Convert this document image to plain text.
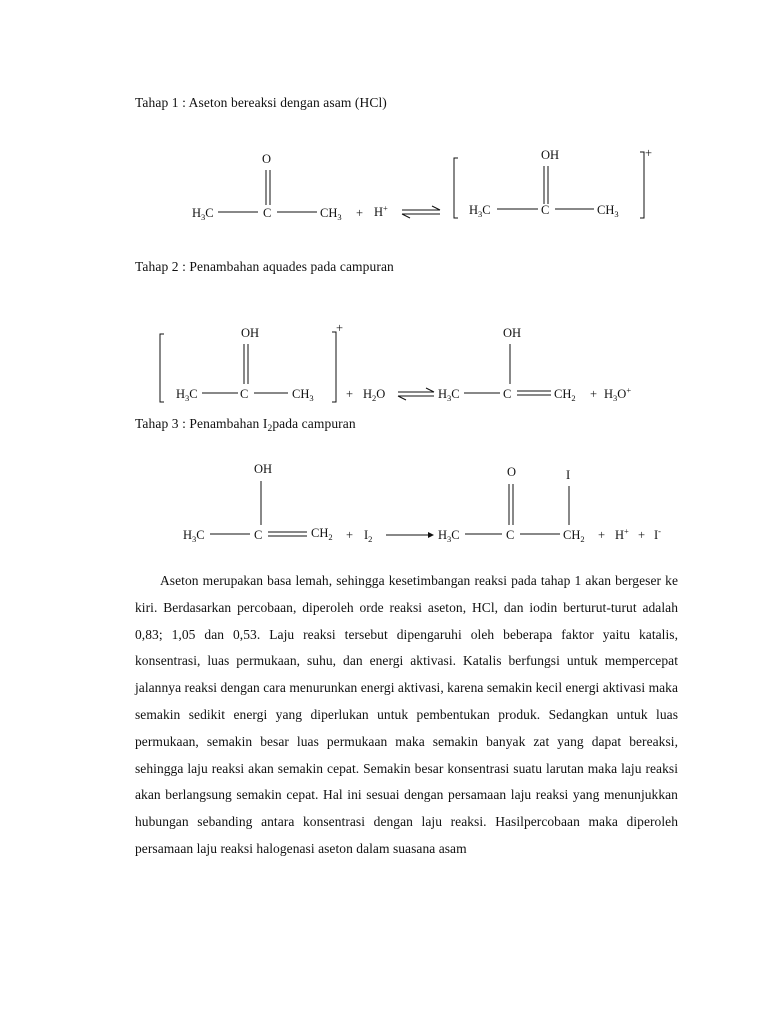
Tahap 1 : Aseton bereaksi dengan asam (HCl)
O
$H_3C$	C	$CH_3 + H^+$
OH
$H_3C$	C	$CH_3$
+
Tahap 2 : Penambahan aquades pada campuran
OH
$H_3C$	C	$CH_3$
+
+ $H_2O$
OH
$H_3C$	C	$CH_2 + H_3O^+$
Tahap 3 : Penambahan $I_2pada$ campuran
OH
$H_3C$	C	$CH_2 + I_2$
O	I
$H_3C$	C	$CH_2 + H^+ + I^-$

Aseton merupakan basa lemah, sehingga kesetimbangan reaksi pada tahap 1 akan bergeser ke kiri. Berdasarkan percobaan, diperoleh orde reaksi aseton, HCl, dan iodin berturut-turut adalah 0,83; 1,05 dan 0,53. Laju reaksi tersebut dipengaruhi oleh beberapa faktor yaitu katalis, konsentrasi, luas permukaan, suhu, dan energi aktivasi. Katalis berfungsi untuk mempercepat jalannya reaksi dengan cara menurunkan energi aktivasi, karena semakin kecil energi aktivasi maka semakin sedikit energi yang diperlukan untuk pembentukan produk. Sedangkan untuk luas permukaan, semakin besar luas permukaan maka semakin banyak zat yang dapat bereaksi, sehingga laju reaksi akan semakin cepat. Semakin besar konsentrasi suatu larutan maka laju reaksi akan berlangsung semakin cepat. Hal ini sesuai dengan persamaan laju reaksi yang menunjukkan hubungan sebanding antara konsentrasi dengan laju reaksi. Hasilpercobaan maka diperoleh persamaan laju reaksi halogenasi aseton dalam suasana asam
